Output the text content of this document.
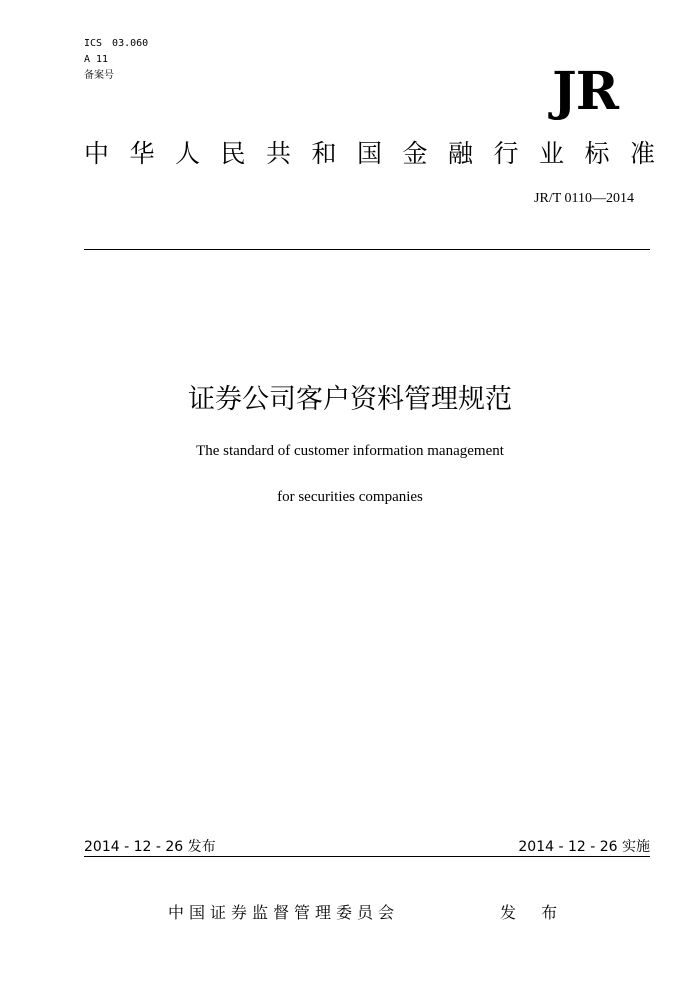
ICS　03.060
A 11
备案号	JR
中华人民共和国金融行业标准
JR/T 0110—2014
证券公司客户资料管理规范
The standard of customer information management
for securities companies
2014 - 12 - 26 发布	2014 - 12 - 26 实施
中国证券监督管理委员会	发 布
